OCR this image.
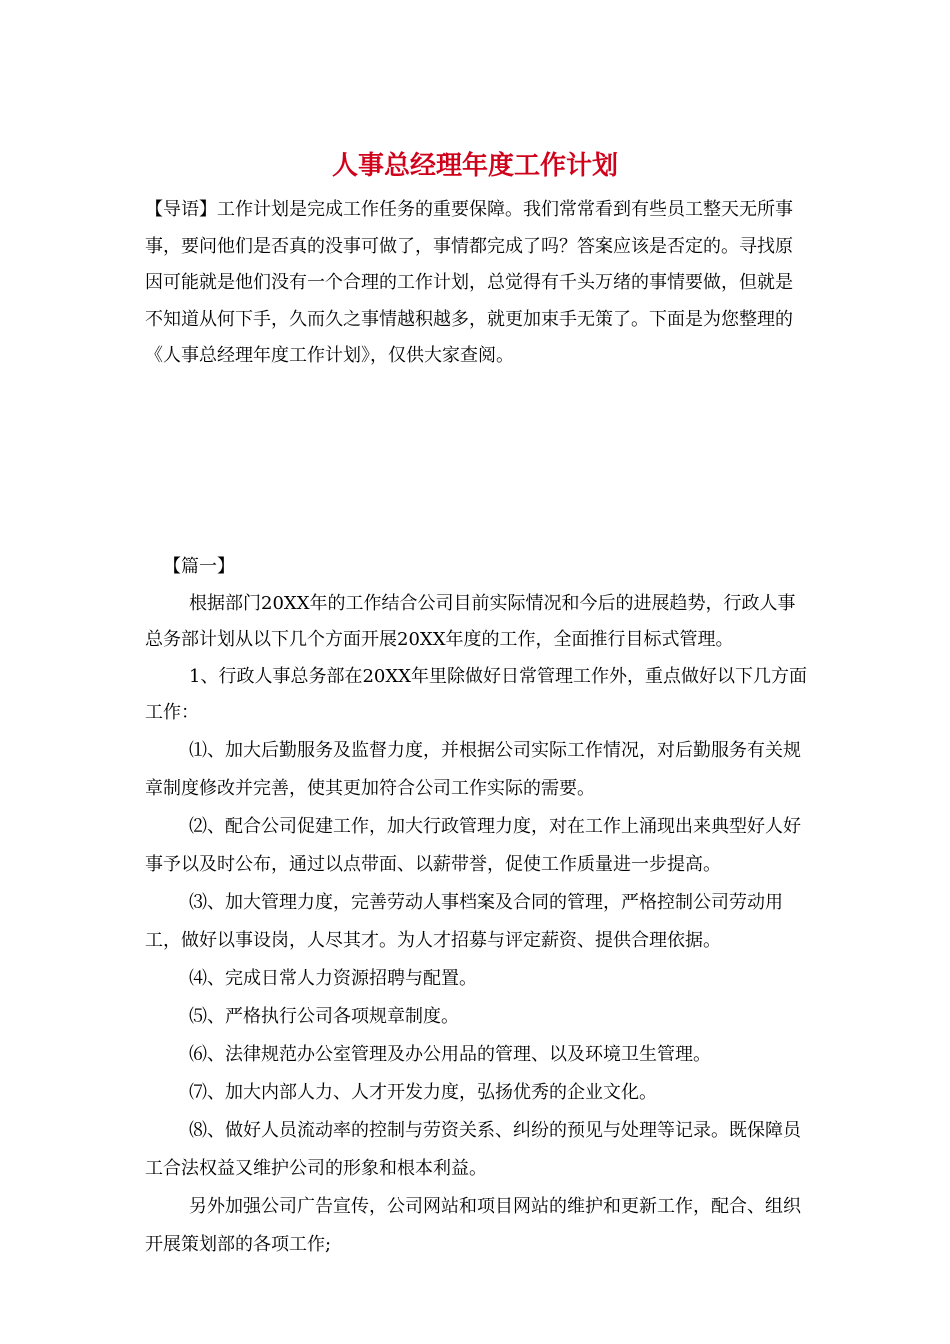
人事总经理年度工作计划

【导语】工作计划是完成工作任务的重要保障。我们常常看到有些员工整天无所事事，要问他们是否真的没事可做了，事情都完成了吗？答案应该是否定的。寻找原因可能就是他们没有一个合理的工作计划，总觉得有千头万绪的事情要做，但就是不知道从何下手，久而久之事情越积越多，就更加束手无策了。下面是为您整理的《人事总经理年度工作计划》，仅供大家查阅。

【篇一】

根据部门20XX年的工作结合公司目前实际情况和今后的进展趋势，行政人事总务部计划从以下几个方面开展20XX年度的工作，全面推行目标式管理。

1、行政人事总务部在20XX年里除做好日常管理工作外，重点做好以下几方面工作：

⑴、加大后勤服务及监督力度，并根据公司实际工作情况，对后勤服务有关规章制度修改并完善，使其更加符合公司工作实际的需要。

⑵、配合公司促建工作，加大行政管理力度，对在工作上涌现出来典型好人好事予以及时公布，通过以点带面、以薪带誉，促使工作质量进一步提高。

⑶、加大管理力度，完善劳动人事档案及合同的管理，严格控制公司劳动用工，做好以事设岗，人尽其才。为人才招募与评定薪资、提供合理依据。

⑷、完成日常人力资源招聘与配置。

⑸、严格执行公司各项规章制度。

⑹、法律规范办公室管理及办公用品的管理、以及环境卫生管理。

⑺、加大内部人力、人才开发力度，弘扬优秀的企业文化。

⑻、做好人员流动率的控制与劳资关系、纠纷的预见与处理等记录。既保障员工合法权益又维护公司的形象和根本利益。

另外加强公司广告宣传，公司网站和项目网站的维护和更新工作，配合、组织开展策划部的各项工作;
